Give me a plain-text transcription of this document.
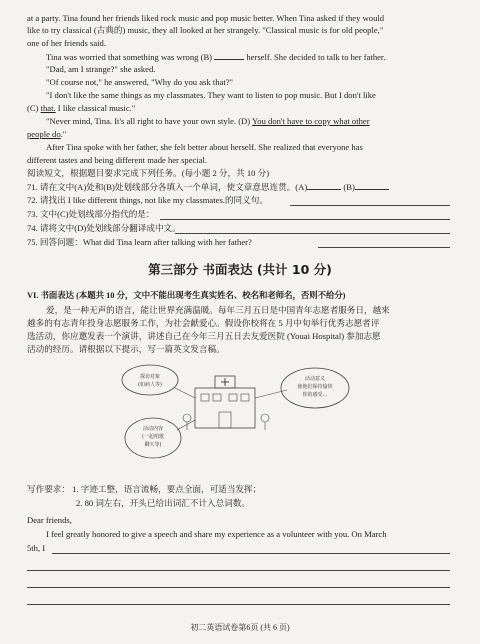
at a party. Tina found her friends liked rock music and pop music better. When Tina asked if they would
like to try classical (古典的) music, they all looked at her strangely. "Classical music is for old people,"
one of her friends said.
Tina was worried that something was wrong (B)	herself. She decided to talk to her father.
"Dad, am I strange?" she asked.
"Of course not," he answered, "Why do you ask that?"
"I don't like the same things as my classmates. They want to listen to pop music. But I don't like
(C) that. I like classical music."
"Never mind, Tina. It's all right to have your own style. (D) You don't have to copy what other
people do."
After Tina spoke with her father, she felt better about herself. She realized that everyone has
different tastes and being different made her special.
阅读短文，根据题目要求完成下列任务。(每小题 2 分，共 10 分)
71. 请在文中(A)处和(B)处划线部分各填入一个单词，使文章意思连贯。(A)	(B)
72. 请找出 I like different things, not like my classmates.的同义句。
73. 文中(C)处划线部分指代的是：
74. 请将文中(D)处划线部分翻译成中文。
75. 回答问题：What did Tina learn after talking with her father?
第三部分 书面表达 (共计 10 分)
VI. 书面表达 (本题共 10 分，文中不能出现考生真实姓名、校名和老师名，否则不给分)
爱，是一种无声的语言，能让世界充满温暖。每年三月五日是中国青年志愿者服务日，越来
越多的有志青年投身志愿服务工作，为社会献爱心。假设你校将在 5 月中旬举行优秀志愿者评
选活动，你应邀发表一个演讲，讲述自己在今年三月五日去友爱医院 (Youai Hospital) 参加志愿
活动的经历。请根据以下提示，写一篇英文发言稿。
探访对象
(如病人等)
活动内容
(一起唱歌
聊天等)
活动意义
使他们保持愉快
你的感受…
写作要求： 1. 字迹工整，语言流畅，要点全面，可适当发挥；
2. 80 词左右，开头已给出词汇不计入总词数。
Dear friends,
I feel greatly honored to give a speech and share my experience as a volunteer with you. On March
5th, I
初二英语试卷第6页 (共 6 页)
